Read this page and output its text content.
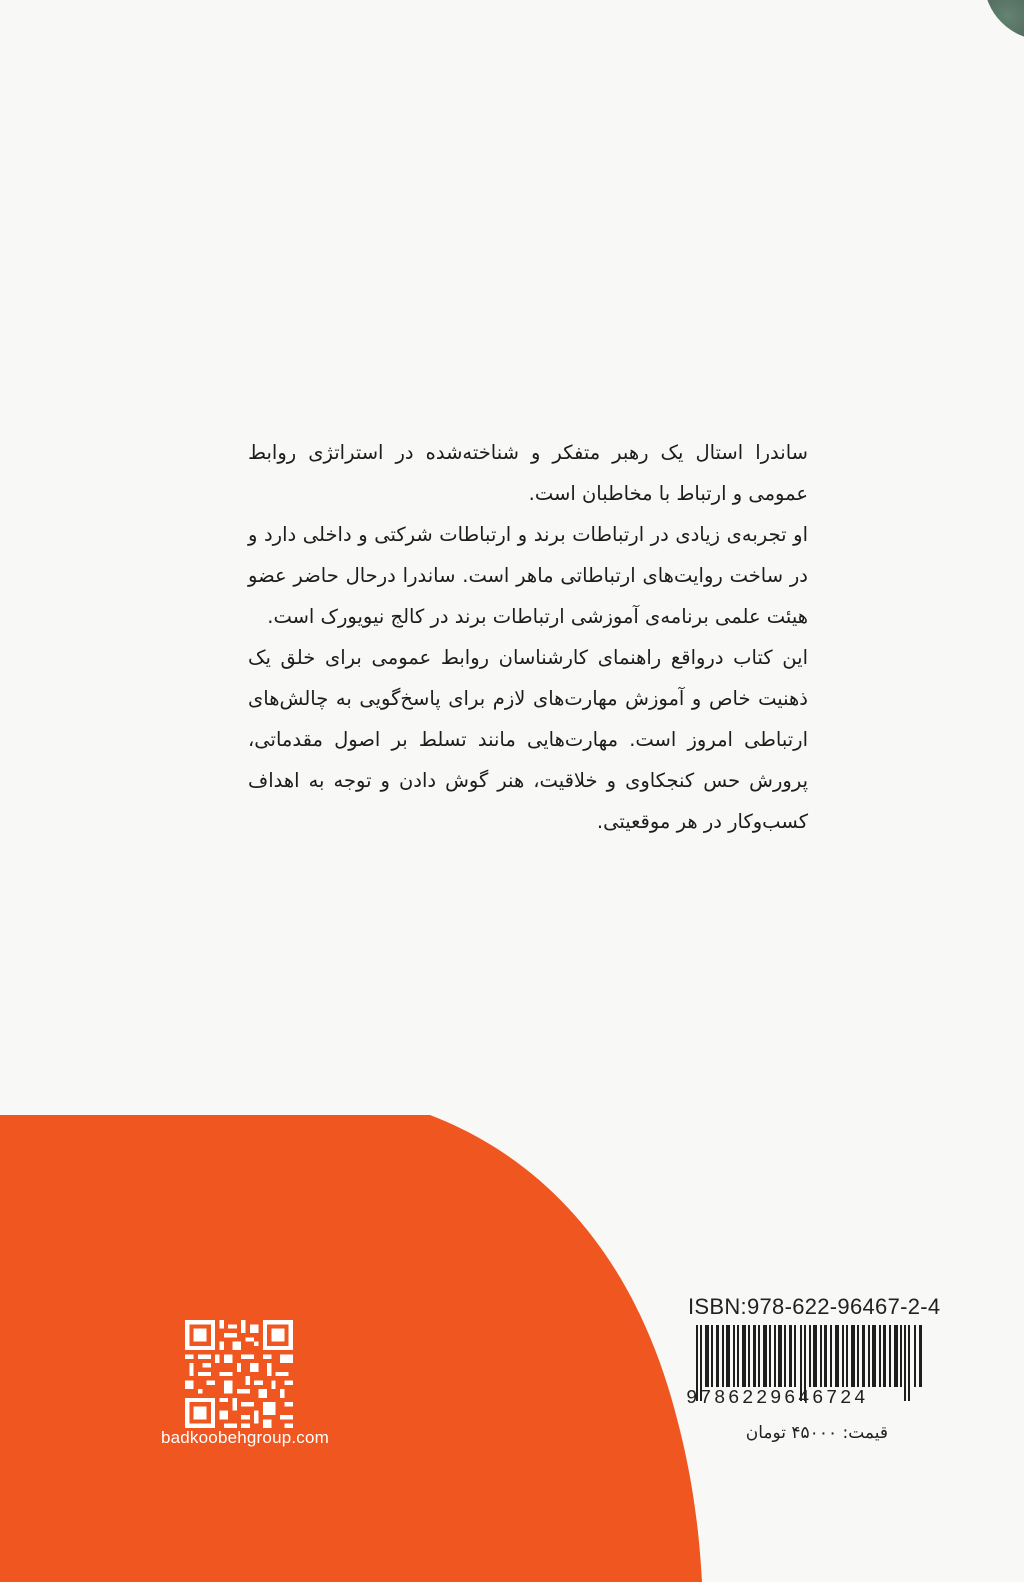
ساندرا استال یک رهبر متفکر و شناخته‌شده در استراتژی روابط عمومی و ارتباط با مخاطبان است.

او تجربه‌ی زیادی در ارتباطات برند و ارتباطات شرکتی و داخلی دارد و در ساخت روایت‌های ارتباطاتی ماهر است. ساندرا درحال حاضر عضو هیئت علمی برنامه‌ی آموزشی ارتباطات برند در کالج نیویورک است.

این کتاب درواقع راهنمای کارشناسان روابط عمومی برای خلق یک ذهنیت خاص و آموزش مهارت‌های لازم برای پاسخ‌گویی به چالش‌های ارتباطی امروز است. مهارت‌هایی مانند تسلط بر اصول مقدماتی، پرورش حس کنجکاوی و خلاقیت، هنر گوش دادن و توجه به اهداف کسب‌وکار در هر موقعیتی.

badkoobehgroup.com
ISBN:978-622-96467-2-4
9786229646724
قیمت: ۴۵۰۰۰ تومان
